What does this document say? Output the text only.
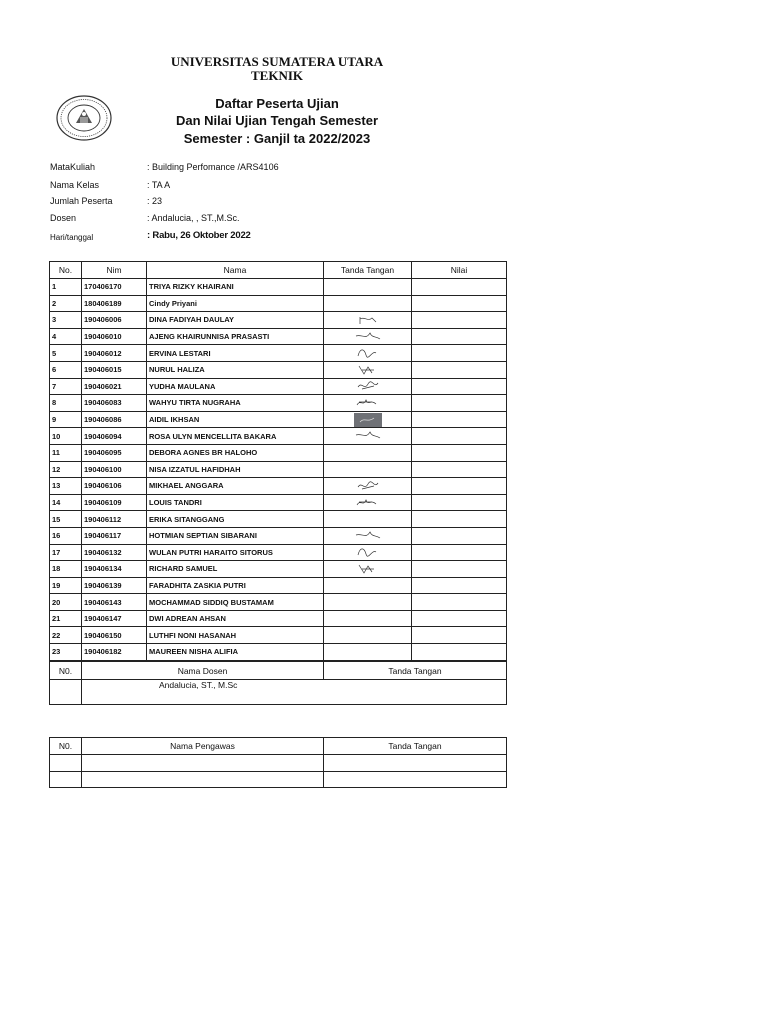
UNIVERSITAS SUMATERA UTARA
TEKNIK
Daftar Peserta Ujian
Dan Nilai Ujian Tengah Semester
Semester : Ganjil ta 2022/2023
MataKuliah	: Building Perfomance /ARS4106
Nama Kelas	: TA A
Jumlah Peserta	: 23
Dosen	: Andalucia, , ST.,M.Sc.
Hari/tanggal	: Rabu, 26 Oktober 2022
No.	Nim	Nama	Tanda Tangan	Nilai
1	170406170	TRIYA RIZKY KHAIRANI		
2	180406189	Cindy Priyani		
3	190406006	DINA FADIYAH DAULAY	

4	190406010	AJENG KHAIRUNNISA PRASASTI	

5	190406012	ERVINA LESTARI	

6	190406015	NURUL HALIZA	

7	190406021	YUDHA MAULANA	

8	190406083	WAHYU TIRTA NUGRAHA	

9	190406086	AIDIL IKHSAN	

10	190406094	ROSA ULYN MENCELLITA BAKARA	

11	190406095	DEBORA AGNES BR HALOHO		
12	190406100	NISA IZZATUL HAFIDHAH		
13	190406106	MIKHAEL ANGGARA	

14	190406109	LOUIS TANDRI	

15	190406112	ERIKA SITANGGANG		
16	190406117	HOTMIAN SEPTIAN SIBARANI	

17	190406132	WULAN PUTRI HARAITO SITORUS	

18	190406134	RICHARD SAMUEL	

19	190406139	FARADHITA ZASKIA PUTRI		
20	190406143	MOCHAMMAD SIDDIQ BUSTAMAM		
21	190406147	DWI ADREAN AHSAN		
22	190406150	LUTHFI NONI HASANAH		
23	190406182	MAUREEN NISHA ALIFIA		
N0.	Nama Dosen	Tanda Tangan
	Andalucia, ST., M.Sc	
N0.	Nama Pengawas	Tanda Tangan
